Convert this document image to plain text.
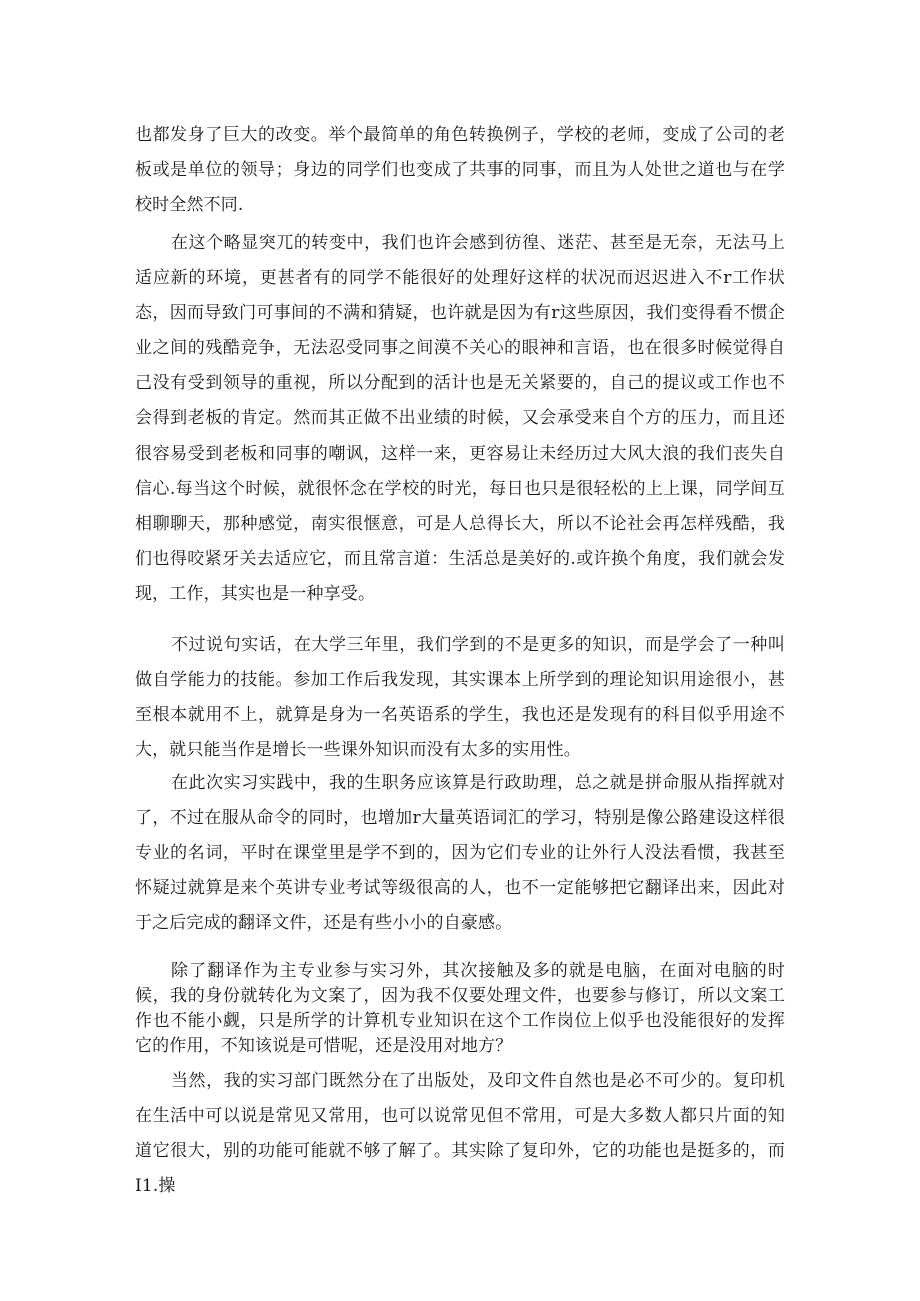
也都发身了巨大的改变。举个最简单的角色转换例子，学校的老师，变成了公司的老板或是单位的领导；身边的同学们也变成了共事的同事，而且为人处世之道也与在学校时全然不同.

在这个略显突兀的转变中，我们也许会感到彷徨、迷茫、甚至是无奈，无法马上适应新的环境，更甚者有的同学不能很好的处理好这样的状况而迟迟进入不r工作状态，因而导致门可事间的不满和猜疑，也许就是因为有r这些原因，我们变得看不惯企业之间的残酷竞争，无法忍受同事之间漠不关心的眼神和言语，也在很多时候觉得自己没有受到领导的重视，所以分配到的活计也是无关紧要的，自己的提议或工作也不会得到老板的肯定。然而其正做不出业绩的时候，又会承受来自个方的压力，而且还很容易受到老板和同事的嘲讽，这样一来，更容易让未经历过大风大浪的我们丧失自信心.每当这个时候，就很怀念在学校的时光，每日也只是很轻松的上上课，同学间互相聊聊天，那种感觉，南实很惬意，可是人总得长大，所以不论社会再怎样残酷，我们也得咬紧牙关去适应它，而且常言道：生活总是美好的.或许换个角度，我们就会发现，工作，其实也是一种享受。

不过说句实话，在大学三年里，我们学到的不是更多的知识，而是学会了一种叫做自学能力的技能。参加工作后我发现，其实课本上所学到的理论知识用途很小，甚至根本就用不上，就算是身为一名英语系的学生，我也还是发现有的科目似乎用途不大，就只能当作是增长一些课外知识而没有太多的实用性。

在此次实习实践中，我的生职务应该算是行政助理，总之就是拼命服从指挥就对了，不过在服从命令的同时，也增加r大量英语词汇的学习，特别是像公路建设这样很专业的名词，平时在课堂里是学不到的，因为它们专业的让外行人没法看惯，我甚至怀疑过就算是来个英讲专业考试等级很高的人，也不一定能够把它翻译出来，因此对于之后完成的翻译文件，还是有些小小的自豪感。

除了翻译作为主专业参与实习外，其次接触及多的就是电脑，在面对电脑的时候，我的身份就转化为文案了，因为我不仅要处理文件，也要参与修订，所以文案工作也不能小觑，只是所学的计算机专业知识在这个工作岗位上似乎也没能很好的发挥它的作用，不知该说是可惜呢，还是没用对地方？

当然，我的实习部门既然分在了出版处，及印文件自然也是必不可少的。复印机在生活中可以说是常见又常用，也可以说常见但不常用，可是大多数人都只片面的知道它很大，别的功能可能就不够了解了。其实除了复印外，它的功能也是挺多的，而I1.操
